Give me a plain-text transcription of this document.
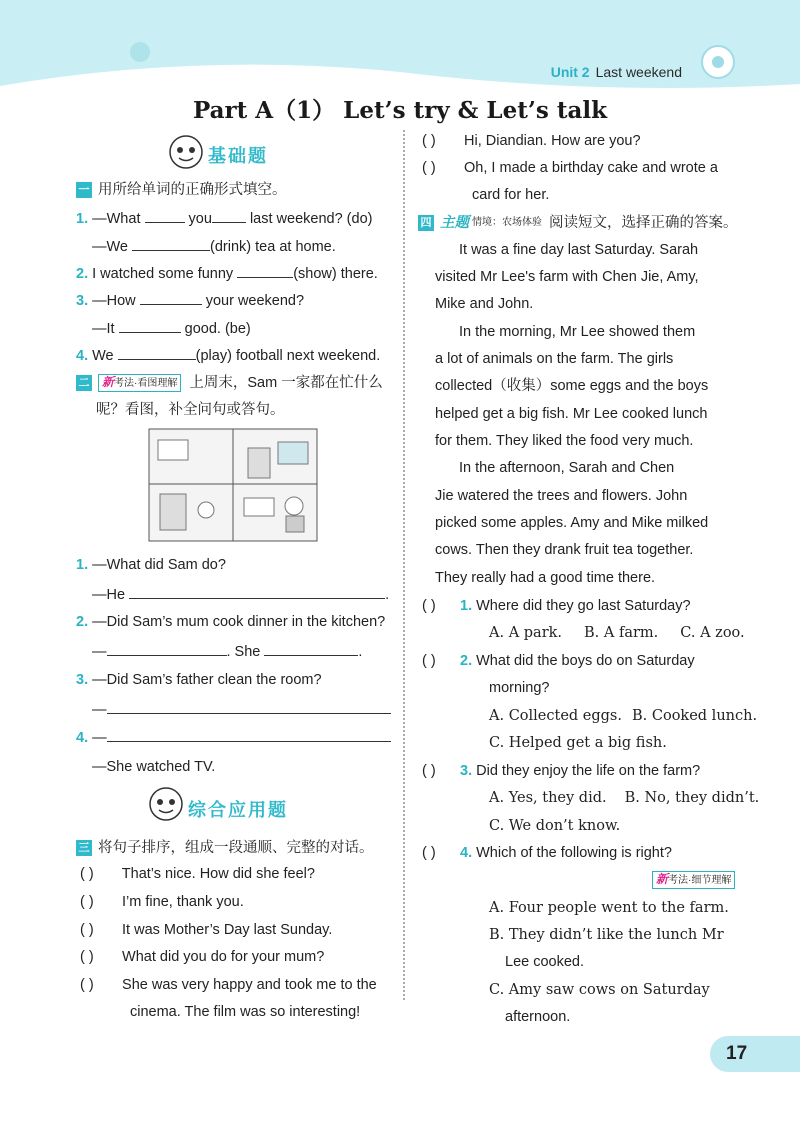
Unit 2 Last weekend
Part A（1） Let’s try & Let’s talk
基础题
一 用所给单词的正确形式填空。
1. —What	you	last weekend? (do)
—We	(drink) tea at home.
2. I watched some funny	(show) there.
3. —How	your weekend?
—It	good. (be)
4. We	(play) football next weekend.
二 新考法·看图理解 上周末，Sam 一家都在忙什么
呢？看图，补全问句或答句。
1. —What did Sam do?
—He	.
2. —Did Sam’s mum cook dinner in the kitchen?
—	. She	.
3. —Did Sam’s father clean the room?
—
4. —
—She watched TV.
综合应用题
三 将句子排序，组成一段通顺、完整的对话。
( ) That’s nice. How did she feel?
( ) I’m fine, thank you.
( ) It was Mother’s Day last Sunday.
( ) What did you do for your mum?
( ) She was very happy and took me to the
cinema. The film was so interesting!
( ) Hi, Diandian. How are you?
( ) Oh, I made a birthday cake and wrote a
card for her.
四 主题 情境：农场体验 阅读短文，选择正确的答案。
It was a fine day last Saturday. Sarah
visited Mr Lee's farm with Chen Jie, Amy,
Mike and John.
In the morning, Mr Lee showed them
a lot of animals on the farm. The girls
collected（收集）some eggs and the boys
helped get a big fish. Mr Lee cooked lunch
for them. They liked the food very much.
In the afternoon, Sarah and Chen
Jie watered the trees and flowers. John
picked some apples. Amy and Mike milked
cows. Then they drank fruit tea together.
They really had a good time there.
( ) 1. Where did they go last Saturday?
A. A park. B. A farm. C. A zoo.
( ) 2. What did the boys do on Saturday
morning?
A. Collected eggs. B. Cooked lunch.
C. Helped get a big fish.
( ) 3. Did they enjoy the life on the farm?
A. Yes, they did. B. No, they didn’t.
C. We don’t know.
( ) 4. Which of the following is right?
新考法·细节理解
A. Four people went to the farm.
B. They didn’t like the lunch Mr
Lee cooked.
C. Amy saw cows on Saturday
afternoon.
17
